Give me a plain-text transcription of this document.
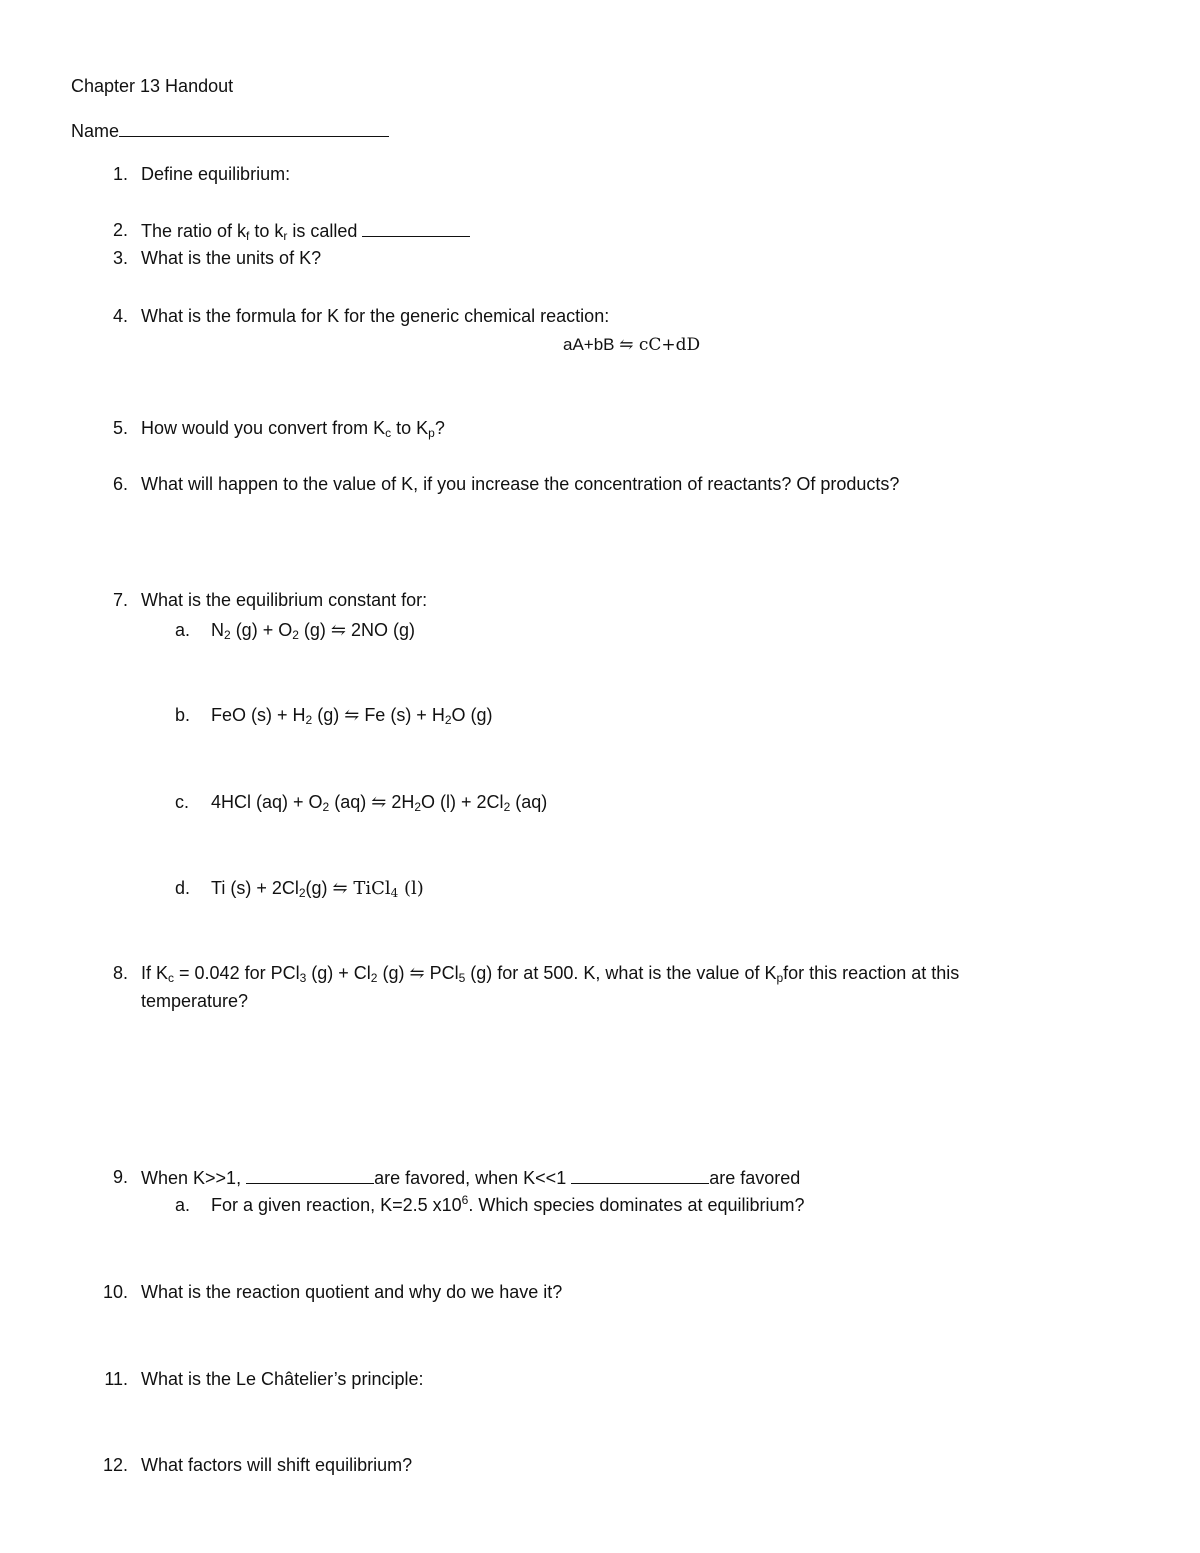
Chapter 13 Handout
Name
1. Define equilibrium:
2. The ratio of $k_f$ to $k_r$ is called
3. What is the units of K?
4. What is the formula for K for the generic chemical reaction:
aA+bB ⇋ cC+dD
5. How would you convert from $K_c$ to $K_p$?
6. What will happen to the value of K, if you increase the concentration of reactants? Of products?
7. What is the equilibrium constant for:
a. $N_2$ $(g) + O_2$ (g) ⇋ 2NO (g)
b. FeO $(s) + H_2$ (g) ⇋ Fe $(s) + H_2O$ (g)
c. 4HCl $(aq) + O_2$ (aq) ⇋ $2H_2O$ $(l) + 2Cl_2$ (aq)
d. Ti $(s) + 2Cl_2(g)$ ⇋ TiCl$_4$ (l)
8. If $K_c = 0.042$ for PCl$_3$ $(g) + Cl_2$ (g) ⇋ PCl$_5$ (g) for at 500. K, what is the value of $K_pfor$ this reaction at this
temperature?
9. When K>>1,	are favored, when K<<1	are favored
a. For a given reaction, K=2.5 $x10^6$. Which species dominates at equilibrium?
10. What is the reaction quotient and why do we have it?
11. What is the Le Châtelier’s principle:
12. What factors will shift equilibrium?
